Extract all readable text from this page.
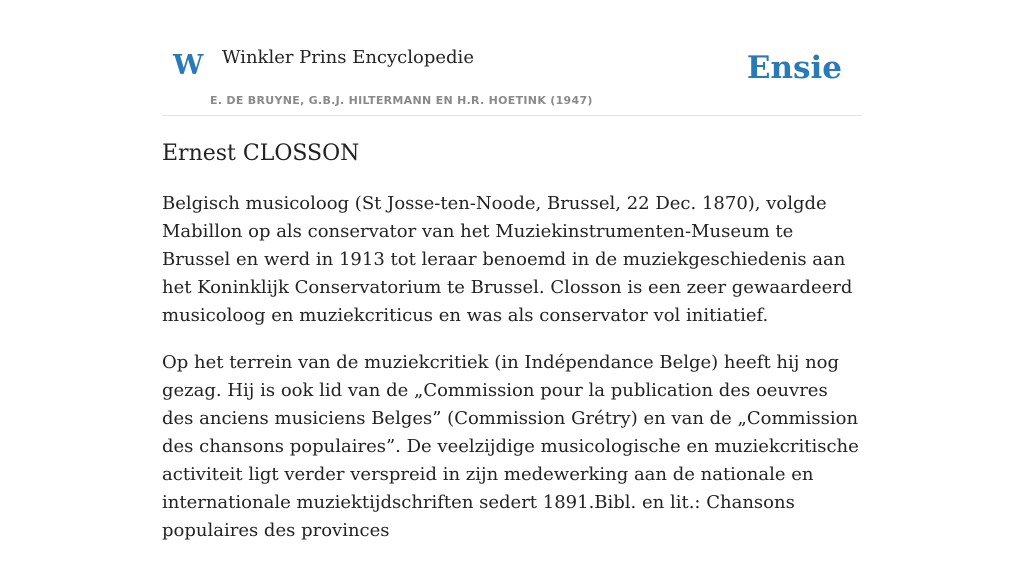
W Winkler Prins Encyclopedie
E. DE BRUYNE, G.B.J. HILTERMANN EN H.R. HOETINK (1947)
Ensie
Ernest CLOSSON

Belgisch musicoloog (St Josse-ten-Noode, Brussel, 22 Dec. 1870), volgde Mabillon op als conservator van het Muziekinstrumenten-Museum te Brussel en werd in 1913 tot leraar benoemd in de muziekgeschiedenis aan het Koninklijk Conservatorium te Brussel. Closson is een zeer gewaardeerd musicoloog en muziekcriticus en was als conservator vol initiatief.

Op het terrein van de muziekcritiek (in Indépendance Belge) heeft hij nog gezag. Hij is ook lid van de „Commission pour la publication des oeuvres des anciens musiciens Belges” (Commission Grétry) en van de „Commission des chansons populaires”. De veelzijdige musicologische en muziekcritische activiteit ligt verder verspreid in zijn medewerking aan de nationale en internationale muziektijdschriften sedert 1891.Bibl. en lit.: Chansons populaires des provinces
